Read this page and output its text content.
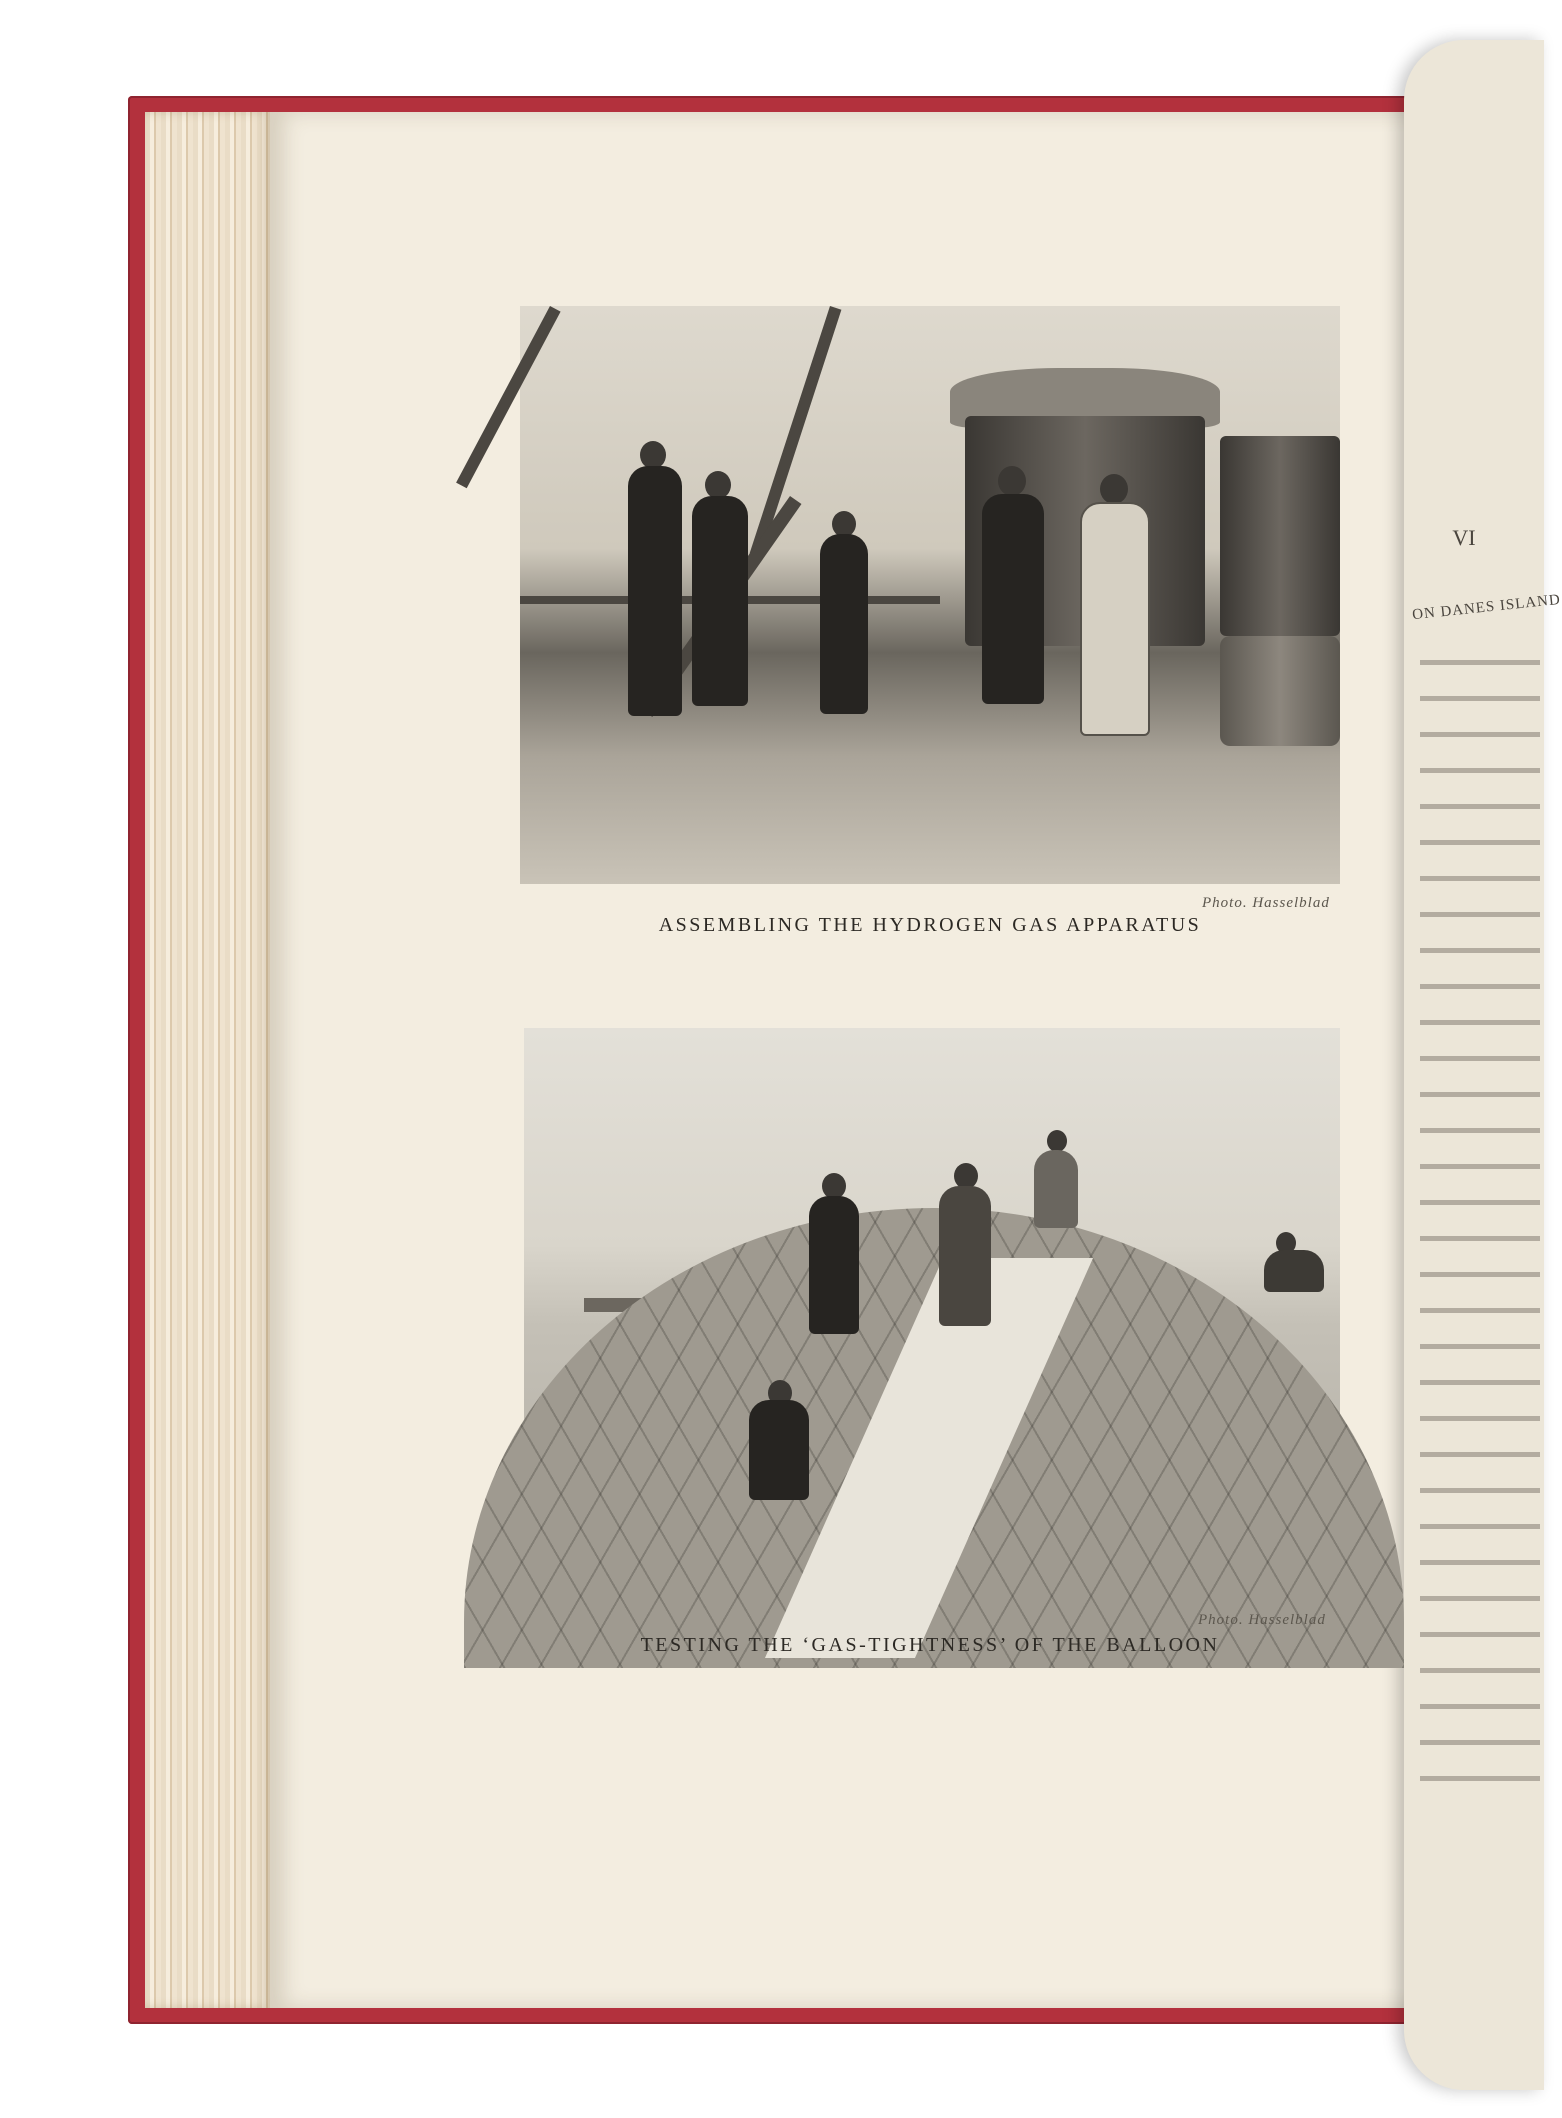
VI
ON DANES ISLAND
Photo. Hasselblad
ASSEMBLING THE HYDROGEN GAS APPARATUS
Photo. Hasselblad
TESTING THE ‘GAS-TIGHTNESS’ OF THE BALLOON
